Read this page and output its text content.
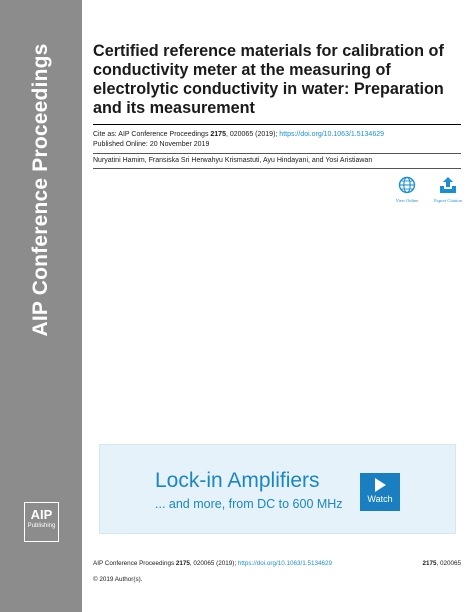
AIP Conference Proceedings
AIP
Publishing
Certified reference materials for calibration of conductivity meter at the measuring of electrolytic conductivity in water: Preparation and its measurement
Cite as: AIP Conference Proceedings 2175, 020065 (2019); https://doi.org/10.1063/1.5134629
Published Online: 20 November 2019
Nuryatini Hamim, Fransiska Sri Herwahyu Krismastuti, Ayu Hindayani, and Yosi Aristiawan
View Online	Export Citation
Lock-in Amplifiers
... and more, from DC to 600 MHz	Watch
AIP Conference Proceedings 2175, 020065 (2019); https://doi.org/10.1063/1.5134629	2175, 020065
© 2019 Author(s).
